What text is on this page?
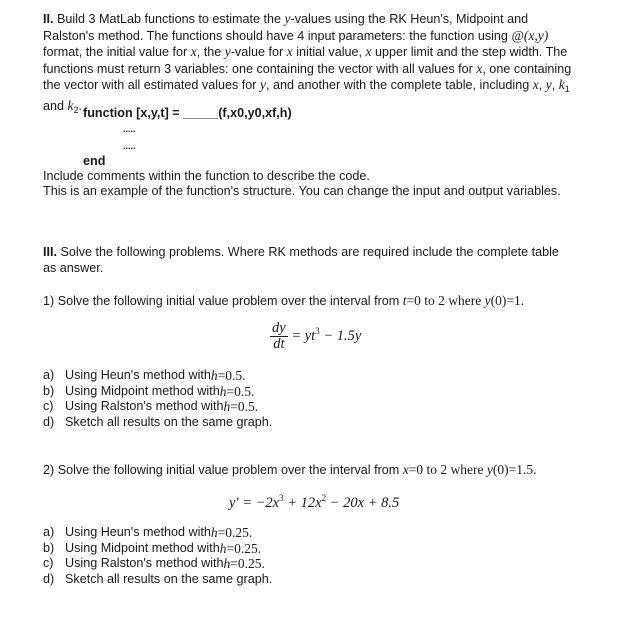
II. Build 3 MatLab functions to estimate the y-values using the RK Heun's, Midpoint and
Ralston's method. The functions should have 4 input parameters: the function using @(x,y)
format, the initial value for x, the y-value for x initial value, x upper limit and the step width. The
functions must return 3 variables: one containing the vector with all values for x, one containing
the vector with all estimated values for y, and another with the complete table, including x, y, $k_1$
and $k_2$.
function [x,y,t] = _____(f,x0,y0,xf,h)
.....
.....
end
Include comments within the function to describe the code.
This is an example of the function's structure. You can change the input and output variables.
III. Solve the following problems. Where RK methods are required include the complete table
as answer.
1) Solve the following initial value problem over the interval from t=0 to 2 where y(0)=1.
$\frac{dy}{dt} = yt^3 - 1.5y$
a) Using Heun's method with h =0.5.
b) Using Midpoint method with h =0.5.
c) Using Ralston's method with h =0.5.
d) Sketch all results on the same graph.
2) Solve the following initial value problem over the interval from x=0 to 2 where y(0)=1.5.
$y' = -2x^3 + 12x^2 - 20x + 8.5$
a) Using Heun's method with h =0.25.
b) Using Midpoint method with h =0.25.
c) Using Ralston's method with h =0.25.
d) Sketch all results on the same graph.
